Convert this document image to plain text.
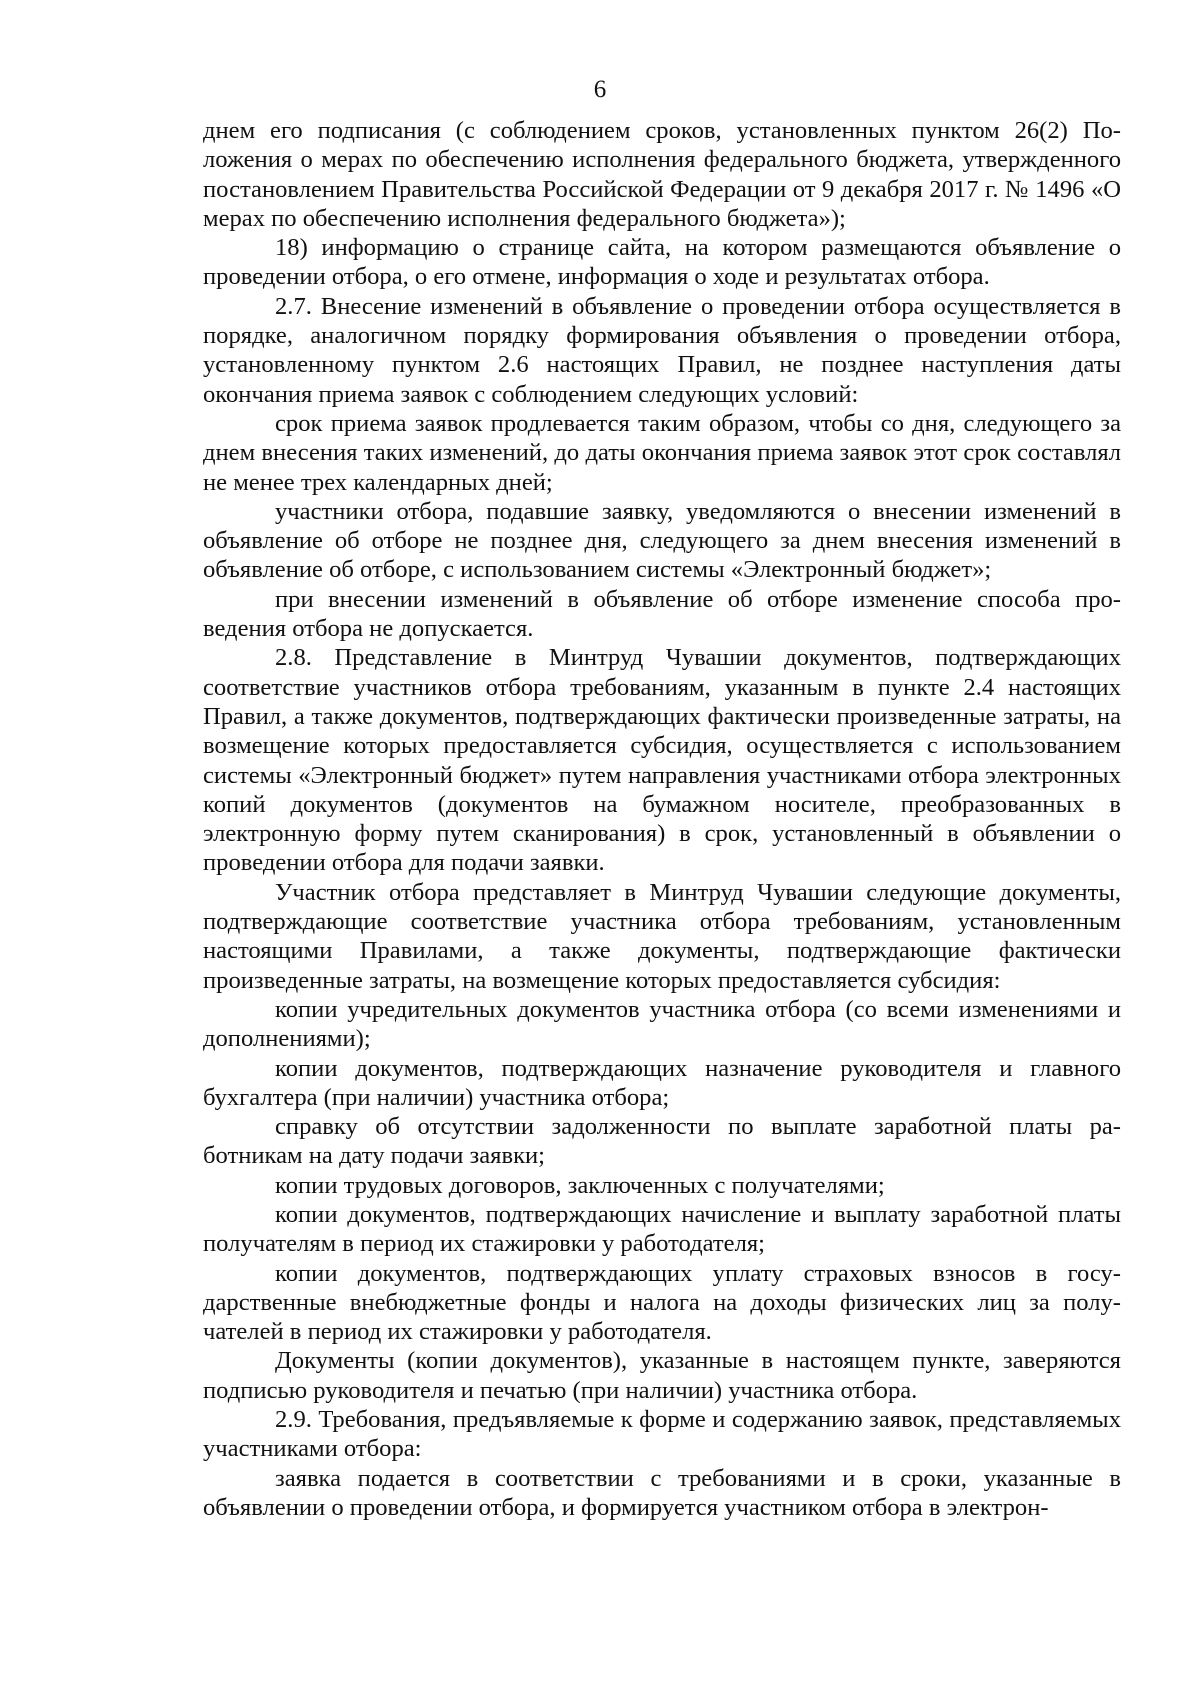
6

днем его подписания (с соблюдением сроков, установленных пунктом 26(2) Положения о мерах по обеспечению исполнения федерального бюджета, утвержденного постановлением Правительства Российской Федерации от 9 декабря 2017 г. № 1496 «О мерах по обеспечению исполнения федерального бюджета»);

18) информацию о странице сайта, на котором размещаются объявление о проведении отбора, о его отмене, информация о ходе и результатах отбора.

2.7. Внесение изменений в объявление о проведении отбора осуществляется в порядке, аналогичном порядку формирования объявления о проведении отбора, установленному пунктом 2.6 настоящих Правил, не позднее наступления даты окончания приема заявок с соблюдением следующих условий:

срок приема заявок продлевается таким образом, чтобы со дня, следующего за днем внесения таких изменений, до даты окончания приема заявок этот срок составлял не менее трех календарных дней;

участники отбора, подавшие заявку, уведомляются о внесении изменений в объявление об отборе не позднее дня, следующего за днем внесения изменений в объявление об отборе, с использованием системы «Электронный бюджет»;

при внесении изменений в объявление об отборе изменение способа проведения отбора не допускается.

2.8. Представление в Минтруд Чувашии документов, подтверждающих соответствие участников отбора требованиям, указанным в пункте 2.4 настоящих Правил, а также документов, подтверждающих фактически произведенные затраты, на возмещение которых предоставляется субсидия, осуществляется с использованием системы «Электронный бюджет» путем направления участниками отбора электронных копий документов (документов на бумажном носителе, преобразованных в электронную форму путем сканирования) в срок, установленный в объявлении о проведении отбора для подачи заявки.

Участник отбора представляет в Минтруд Чувашии следующие документы, подтверждающие соответствие участника отбора требованиям, установленным настоящими Правилами, а также документы, подтверждающие фактически произведенные затраты, на возмещение которых предоставляется субсидия:

копии учредительных документов участника отбора (со всеми изменениями и дополнениями);

копии документов, подтверждающих назначение руководителя и главного бухгалтера (при наличии) участника отбора;

справку об отсутствии задолженности по выплате заработной платы работникам на дату подачи заявки;

копии трудовых договоров, заключенных с получателями;

копии документов, подтверждающих начисление и выплату заработной платы получателям в период их стажировки у работодателя;

копии документов, подтверждающих уплату страховых взносов в государственные внебюджетные фонды и налога на доходы физических лиц за получателей в период их стажировки у работодателя.

Документы (копии документов), указанные в настоящем пункте, заверяются подписью руководителя и печатью (при наличии) участника отбора.

2.9. Требования, предъявляемые к форме и содержанию заявок, представляемых участниками отбора:

заявка подается в соответствии с требованиями и в сроки, указанные в объявлении о проведении отбора, и формируется участником отбора в электрон-
